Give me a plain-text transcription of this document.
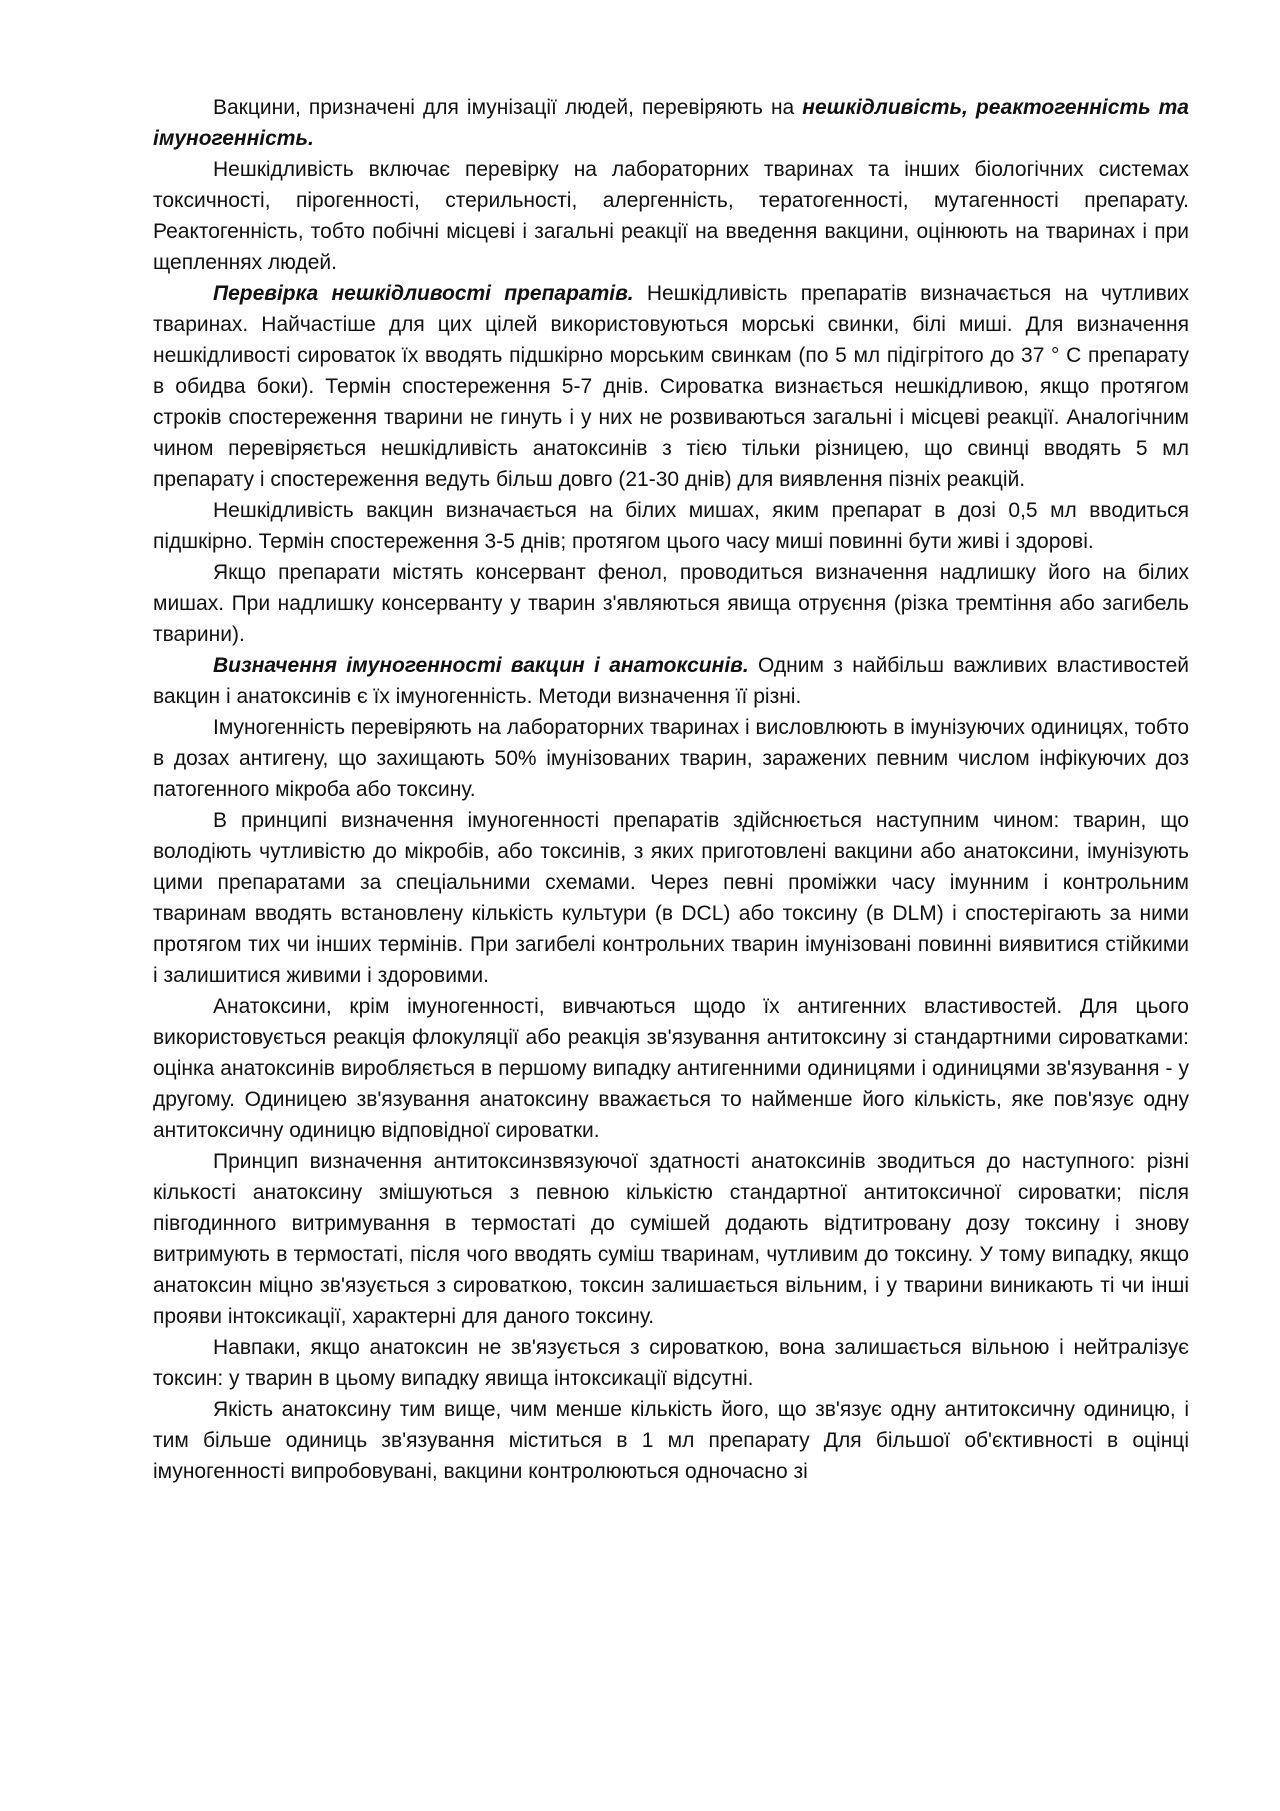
Вакцини, призначені для імунізації людей, перевіряють на нешкідливість, реактогенність та імуногенність.

Нешкідливість включає перевірку на лабораторних тваринах та інших біологічних системах токсичності, пірогенності, стерильності, алергенність, тератогенності, мутагенності препарату. Реактогенність, тобто побічні місцеві і загальні реакції на введення вакцини, оцінюють на тваринах і при щепленнях людей.

Перевірка нешкідливості препаратів. Нешкідливість препаратів визначається на чутливих тваринах. Найчастіше для цих цілей використовуються морські свинки, білі миші. Для визначення нешкідливості сироваток їх вводять підшкірно морським свинкам (по 5 мл підігрітого до 37 ° С препарату в обидва боки). Термін спостереження 5-7 днів. Сироватка визнається нешкідливою, якщо протягом строків спостереження тварини не гинуть і у них не розвиваються загальні і місцеві реакції. Аналогічним чином перевіряється нешкідливість анатоксинів з тією тільки різницею, що свинці вводять 5 мл препарату і спостереження ведуть більш довго (21-30 днів) для виявлення пізніх реакцій.

Нешкідливість вакцин визначається на білих мишах, яким препарат в дозі 0,5 мл вводиться підшкірно. Термін спостереження 3-5 днів; протягом цього часу миші повинні бути живі і здорові.

Якщо препарати містять консервант фенол, проводиться визначення надлишку його на білих мишах. При надлишку консерванту у тварин з'являються явища отруєння (різка тремтіння або загибель тварини).

Визначення імуногенності вакцин і анатоксинів. Одним з найбільш важливих властивостей вакцин і анатоксинів є їх імуногенність. Методи визначення її різні.

Імуногенність перевіряють на лабораторних тваринах і висловлюють в імунізуючих одиницях, тобто в дозах антигену, що захищають 50% імунізованих тварин, заражених певним числом інфікуючих доз патогенного мікроба або токсину.

В принципі визначення імуногенності препаратів здійснюється наступним чином: тварин, що володіють чутливістю до мікробів, або токсинів, з яких приготовлені вакцини або анатоксини, імунізують цими препаратами за спеціальними схемами. Через певні проміжки часу імунним і контрольним тваринам вводять встановлену кількість культури (в DCL) або токсину (в DLM) і спостерігають за ними протягом тих чи інших термінів. При загибелі контрольних тварин імунізовані повинні виявитися стійкими і залишитися живими і здоровими.

Анатоксини, крім імуногенності, вивчаються щодо їх антигенних властивостей. Для цього використовується реакція флокуляції або реакція зв'язування антитоксину зі стандартними сироватками: оцінка анатоксинів виробляється в першому випадку антигенними одиницями і одиницями зв'язування - у другому. Одиницею зв'язування анатоксину вважається то найменше його кількість, яке пов'язує одну антитоксичну одиницю відповідної сироватки.

Принцип визначення антитоксинзвязуючої здатності анатоксинів зводиться до наступного: різні кількості анатоксину змішуються з певною кількістю стандартної антитоксичної сироватки; після півгодинного витримування в термостаті до сумішей додають відтитровану дозу токсину і знову витримують в термостаті, після чого вводять суміш тваринам, чутливим до токсину. У тому випадку, якщо анатоксин міцно зв'язується з сироваткою, токсин залишається вільним, і у тварини виникають ті чи інші прояви інтоксикації, характерні для даного токсину.

Навпаки, якщо анатоксин не зв'язується з сироваткою, вона залишається вільною і нейтралізує токсин: у тварин в цьому випадку явища інтоксикації відсутні.

Якість анатоксину тим вище, чим менше кількість його, що зв'язує одну антитоксичну одиницю, і тим більше одиниць зв'язування міститься в 1 мл препарату Для більшої об'єктивності в оцінці імуногенності випробовувані, вакцини контролюються одночасно зі
